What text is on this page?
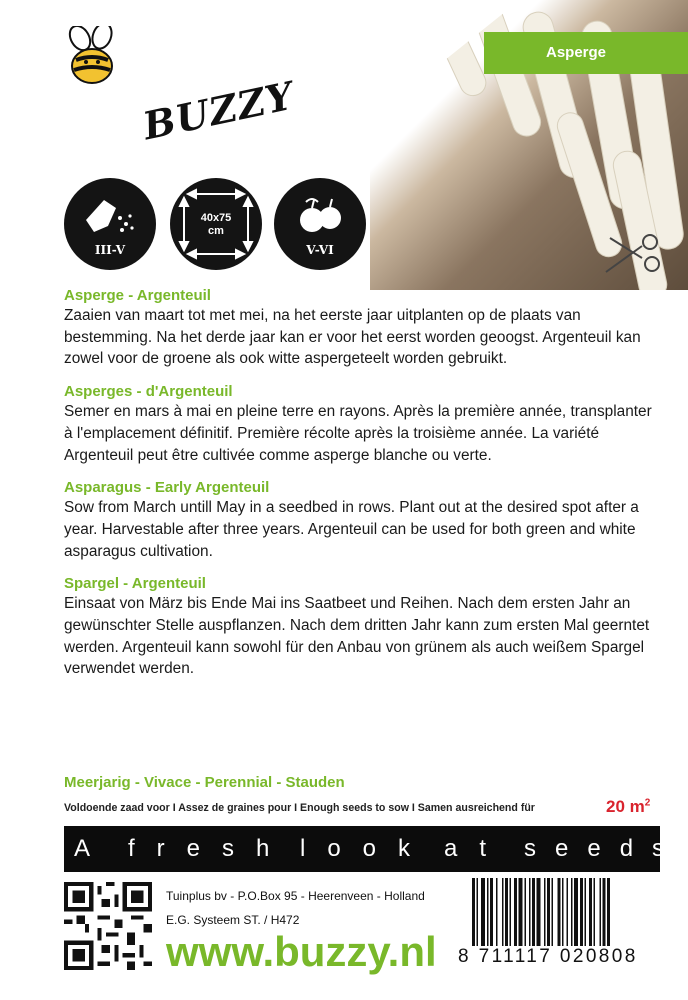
Asperge
BUZZY
III-V
40x75
cm
V-VI
Asperge - Argenteuil
Zaaien van maart tot met mei, na het eerste jaar uitplanten op de plaats van bestemming. Na het derde jaar kan er voor het eerst worden geoogst. Argenteuil kan zowel voor de groene als ook witte aspergeteelt worden gebruikt.
Asperges - d'Argenteuil
Semer en mars à mai en pleine terre en rayons. Après la première année, transplanter à l'emplacement définitif. Première récolte après la troisième année. La variété Argenteuil peut être cultivée comme asperge blanche ou verte.
Asparagus - Early Argenteuil
Sow from March untill May in a seedbed in rows. Plant out at the desired spot after a year. Harvestable after three years. Argenteuil can be used for both green and white asparagus cultivation.
Spargel - Argenteuil
Einsaat von März bis Ende Mai ins Saatbeet und Reihen. Nach dem ersten Jahr an gewünschter Stelle auspflanzen. Nach dem dritten Jahr kann zum ersten Mal geerntet werden. Argenteuil kann sowohl für den Anbau von grünem als auch weißem Spargel verwendet werden.
Meerjarig - Vivace - Perennial - Stauden
Voldoende zaad voor I Assez de graines pour I Enough seeds to sow I Samen ausreichend für	20 $m^2$
A fresh look at seeds
Tuinplus bv - P.O.Box 95 - Heerenveen - Holland
E.G. Systeem ST. / H472
www.buzzy.nl 8 711117 020808
